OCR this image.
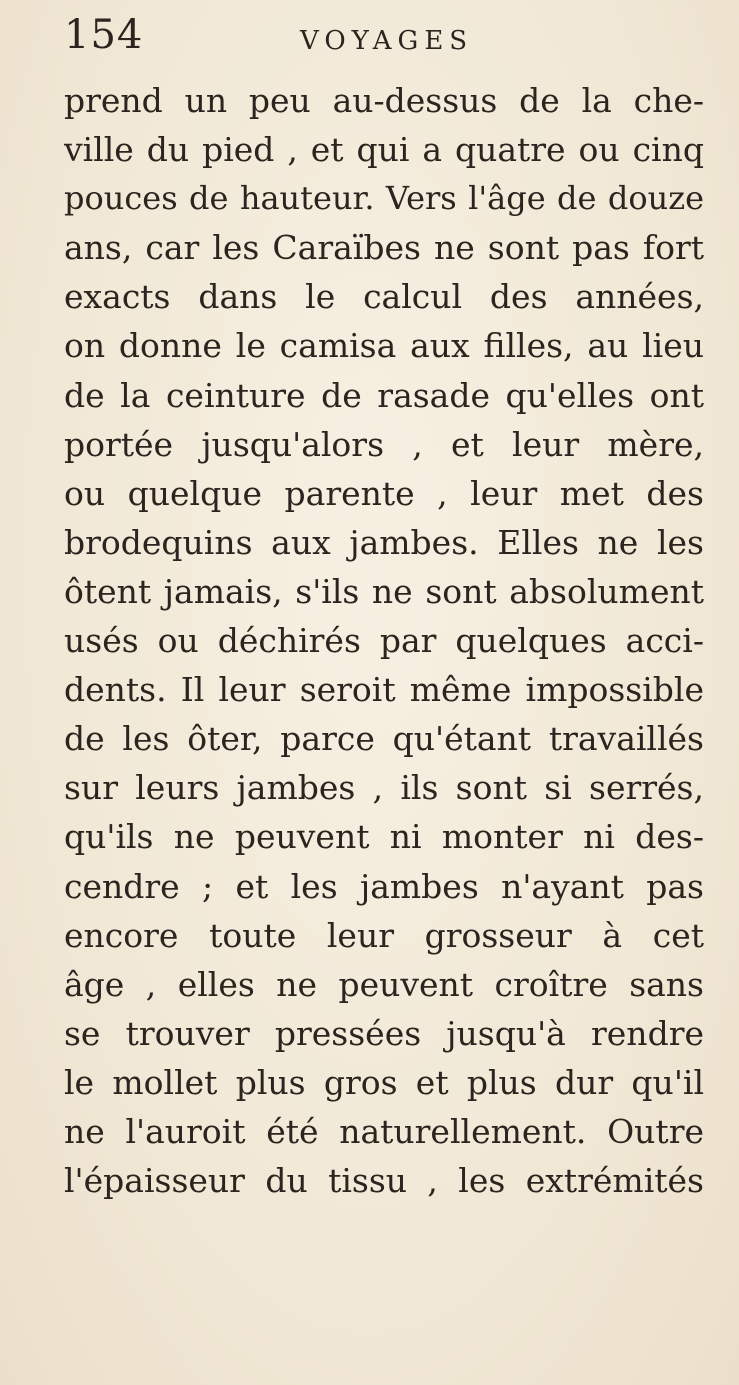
154	VOYAGES
prend un peu au-dessus de la che-
ville du pied , et qui a quatre ou cinq
pouces de hauteur. Vers l'âge de douze
ans, car les Caraïbes ne sont pas fort
exacts dans le calcul des années,
on donne le camisa aux filles, au lieu
de la ceinture de rasade qu'elles ont
portée jusqu'alors , et leur mère,
ou quelque parente , leur met des
brodequins aux jambes. Elles ne les
ôtent jamais, s'ils ne sont absolument
usés ou déchirés par quelques acci-
dents. Il leur seroit même impossible
de les ôter, parce qu'étant travaillés
sur leurs jambes , ils sont si serrés,
qu'ils ne peuvent ni monter ni des-
cendre ; et les jambes n'ayant pas
encore toute leur grosseur à cet
âge , elles ne peuvent croître sans
se trouver pressées jusqu'à rendre
le mollet plus gros et plus dur qu'il
ne l'auroit été naturellement. Outre
l'épaisseur du tissu , les extrémités
